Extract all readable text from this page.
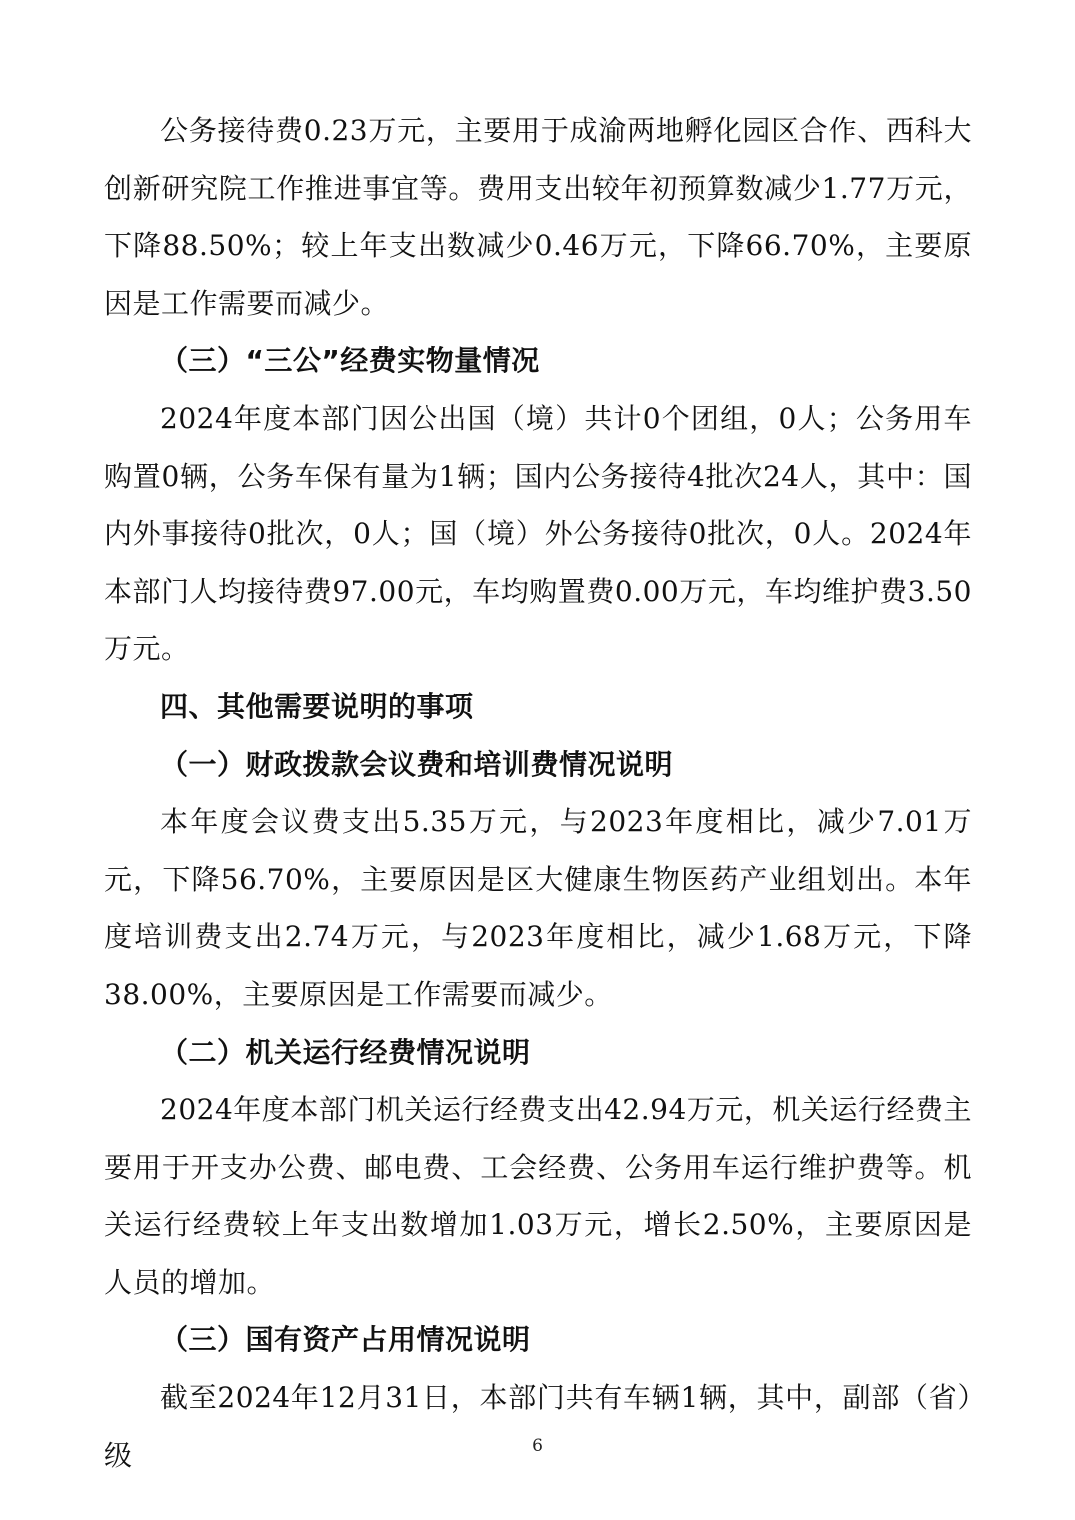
公务接待费0.23万元，主要用于成渝两地孵化园区合作、西科大创新研究院工作推进事宜等。费用支出较年初预算数减少1.77万元，下降88.50%；较上年支出数减少0.46万元，下降66.70%，主要原因是工作需要而减少。

（三）“三公”经费实物量情况

2024年度本部门因公出国（境）共计0个团组，0人；公务用车购置0辆，公务车保有量为1辆；国内公务接待4批次24人，其中：国内外事接待0批次，0人；国（境）外公务接待0批次，0人。2024年本部门人均接待费97.00元，车均购置费0.00万元，车均维护费3.50万元。

四、其他需要说明的事项

（一）财政拨款会议费和培训费情况说明

本年度会议费支出5.35万元，与2023年度相比，减少7.01万元，下降56.70%，主要原因是区大健康生物医药产业组划出。本年度培训费支出2.74万元，与2023年度相比，减少1.68万元，下降38.00%，主要原因是工作需要而减少。

（二）机关运行经费情况说明

2024年度本部门机关运行经费支出42.94万元，机关运行经费主要用于开支办公费、邮电费、工会经费、公务用车运行维护费等。机关运行经费较上年支出数增加1.03万元，增长2.50%，主要原因是人员的增加。

（三）国有资产占用情况说明

截至2024年12月31日，本部门共有车辆1辆，其中，副部（省）级	6
